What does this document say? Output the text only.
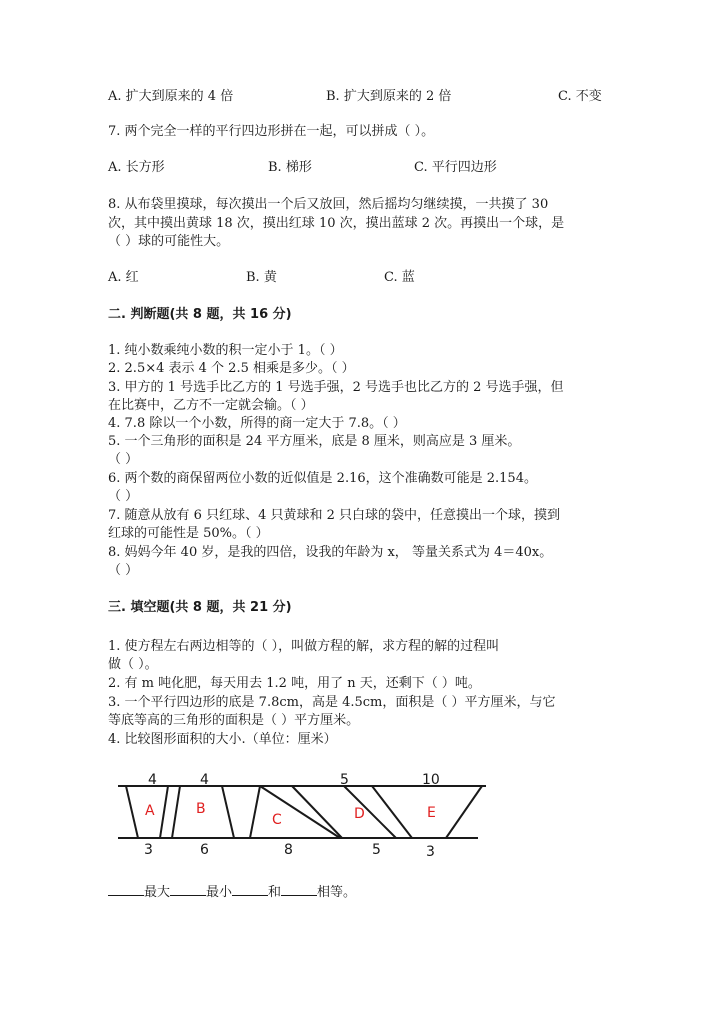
A. 扩大到原来的 4 倍	B. 扩大到原来的 2 倍	C. 不变
7. 两个完全一样的平行四边形拼在一起，可以拼成（ ）。
A. 长方形	B. 梯形	C. 平行四边形
8. 从布袋里摸球，每次摸出一个后又放回，然后摇均匀继续摸，一共摸了 30
次，其中摸出黄球 18 次，摸出红球 10 次，摸出蓝球 2 次。再摸出一个球，是
（ ）球的可能性大。
A. 红	B. 黄	C. 蓝
二. 判断题(共 8 题，共 16 分)
1. 纯小数乘纯小数的积一定小于 1。（ ）
2. 2.5×4 表示 4 个 2.5 相乘是多少。（ ）
3. 甲方的 1 号选手比乙方的 1 号选手强，2 号选手也比乙方的 2 号选手强，但
在比赛中，乙方不一定就会输。（ ）
4. 7.8 除以一个小数，所得的商一定大于 7.8。（ ）
5. 一个三角形的面积是 24 平方厘米，底是 8 厘米，则高应是 3 厘米。
（ ）
6. 两个数的商保留两位小数的近似值是 2.16，这个准确数可能是 2.154。
（ ）
7. 随意从放有 6 只红球、4 只黄球和 2 只白球的袋中，任意摸出一个球，摸到
红球的可能性是 50%。（ ）
8. 妈妈今年 40 岁，是我的四倍，设我的年龄为 x， 等量关系式为 4＝40x。
（ ）
三. 填空题(共 8 题，共 21 分)
1. 使方程左右两边相等的（ ），叫做方程的解，求方程的解的过程叫
做（ ）。
2. 有 m 吨化肥，每天用去 1.2 吨，用了 n 天，还剩下（ ）吨。
3. 一个平行四边形的底是 7.8cm，高是 4.5cm，面积是（ ）平方厘米，与它
等底等高的三角形的面积是（ ）平方厘米。
4. 比较图形面积的大小.（单位：厘米）
4	4	5	10
3	6	8	5	3
A	B
C	D	E
最大	最小	和	相等。
